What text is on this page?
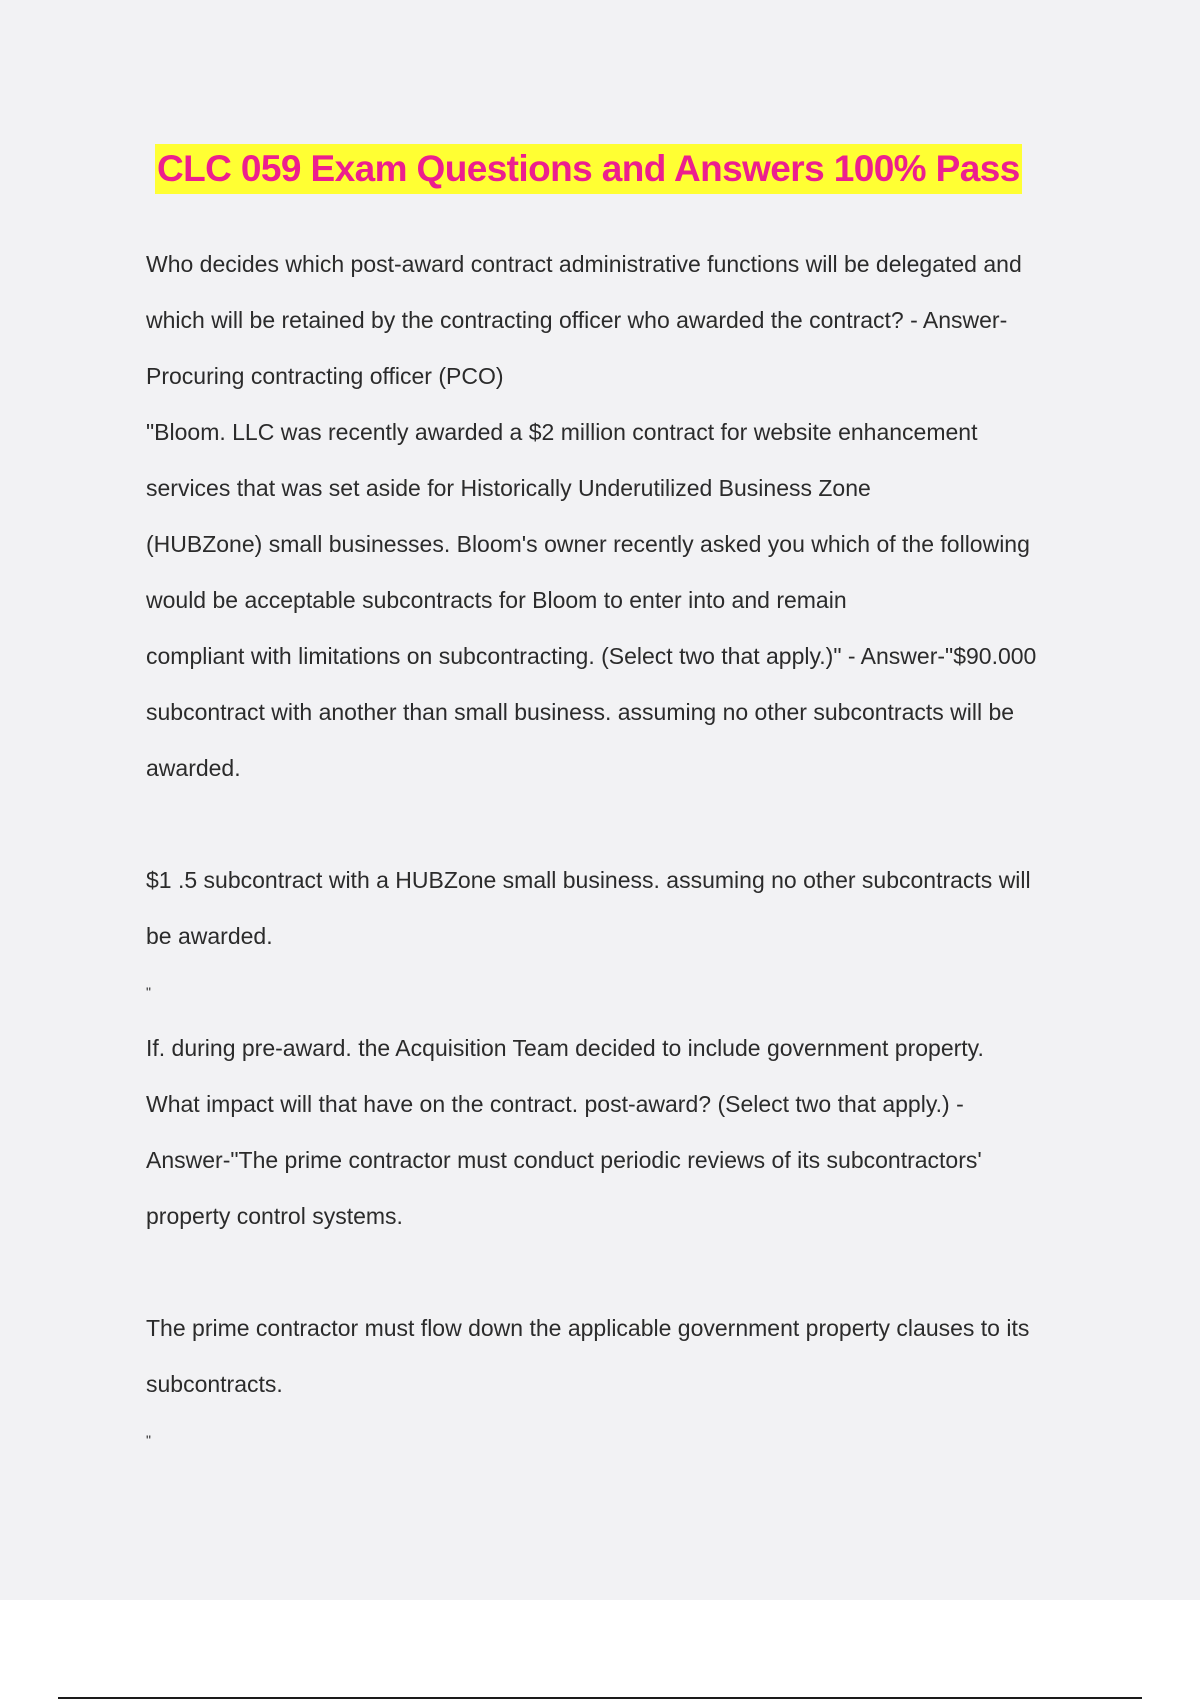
CLC 059 Exam Questions and Answers 100% Pass
Who decides which post-award contract administrative functions will be delegated and
which will be retained by the contracting officer who awarded the contract? - Answer-
Procuring contracting officer (PCO)
"Bloom. LLC was recently awarded a $2 million contract for website enhancement
services that was set aside for Historically Underutilized Business Zone
(HUBZone) small businesses. Bloom's owner recently asked you which of the following
would be acceptable subcontracts for Bloom to enter into and remain
compliant with limitations on subcontracting. (Select two that apply.)" - Answer-"$90.000
subcontract with another than small business. assuming no other subcontracts will be
awarded.
$1 .5 subcontract with a HUBZone small business. assuming no other subcontracts will
be awarded.
"
If. during pre-award. the Acquisition Team decided to include government property.
What impact will that have on the contract. post-award? (Select two that apply.) -
Answer-"The prime contractor must conduct periodic reviews of its subcontractors'
property control systems.
The prime contractor must flow down the applicable government property clauses to its
subcontracts.
"
